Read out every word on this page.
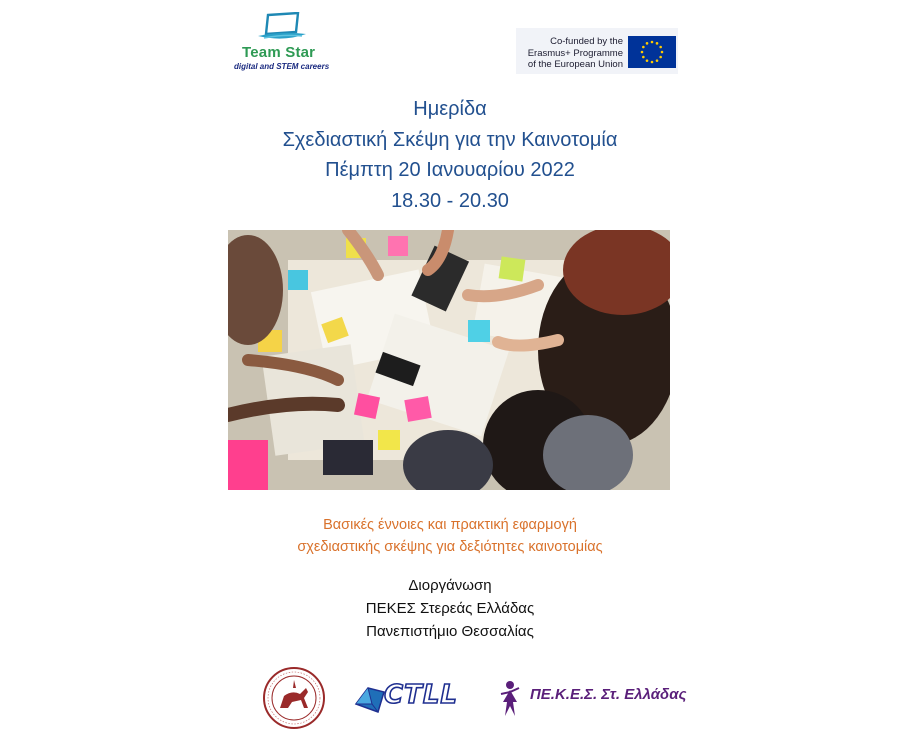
Team Star
digital and STEM careers
Co-funded by the
Erasmus+ Programme
of the European Union
Ημερίδα
Σχεδιαστική Σκέψη για την Καινοτομία
Πέμπτη 20 Ιανουαρίου 2022
18.30 - 20.30
Βασικές έννοιες και πρακτική εφαρμογή
σχεδιαστικής σκέψης για δεξιότητες καινοτομίας
Διοργάνωση
ΠΕΚΕΣ Στερεάς Ελλάδας
Πανεπιστήμιο Θεσσαλίας
CTLL	ΠΕ.Κ.Ε.Σ. Στ. Ελλάδας
